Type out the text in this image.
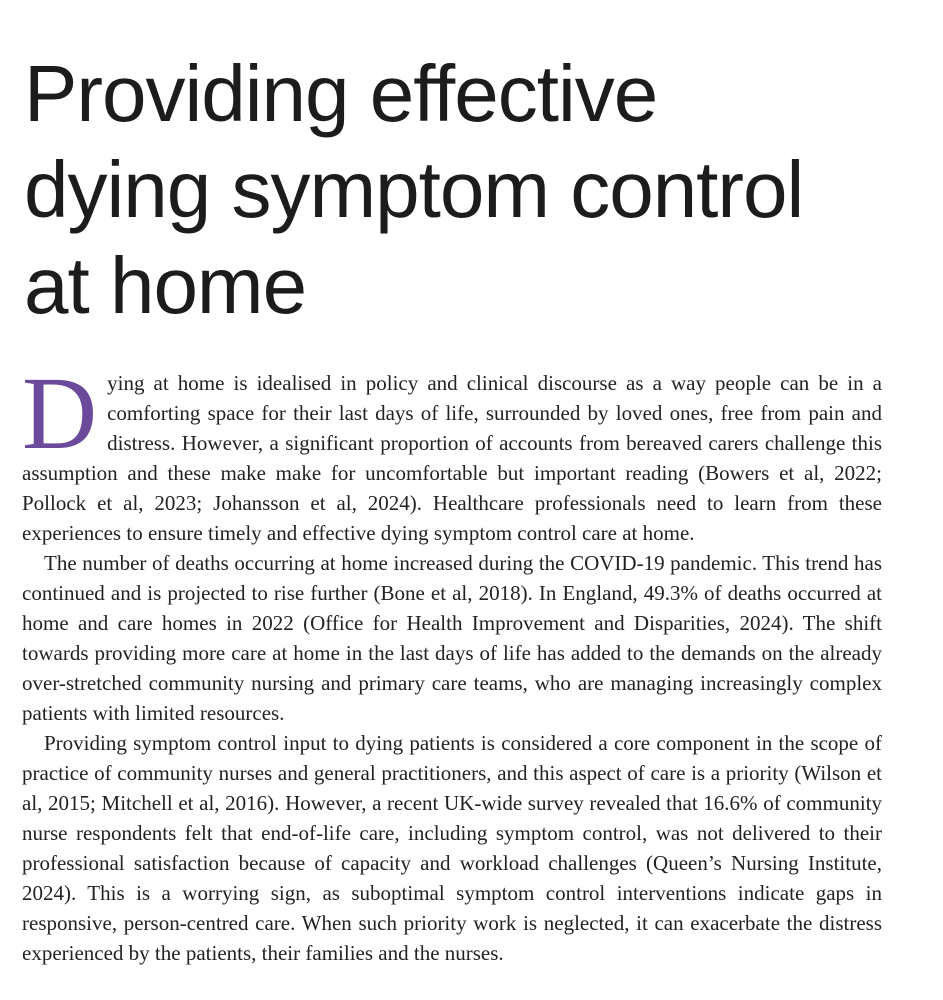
Providing effective
dying symptom control
at home

Dying at home is idealised in policy and clinical discourse as a way people can be in a comforting space for their last days of life, surrounded by loved ones, free from pain and distress. However, a significant proportion of accounts from bereaved carers challenge this assumption and these make make for uncomfortable but important reading (Bowers et al, 2022; Pollock et al, 2023; Johansson et al, 2024). Healthcare professionals need to learn from these experiences to ensure timely and effective dying symptom control care at home.

The number of deaths occurring at home increased during the COVID-19 pandemic. This trend has continued and is projected to rise further (Bone et al, 2018). In England, 49.3% of deaths occurred at home and care homes in 2022 (Office for Health Improvement and Disparities, 2024). The shift towards providing more care at home in the last days of life has added to the demands on the already over-stretched community nursing and primary care teams, who are managing increasingly complex patients with limited resources.

Providing symptom control input to dying patients is considered a core component in the scope of practice of community nurses and general practitioners, and this aspect of care is a priority (Wilson et al, 2015; Mitchell et al, 2016). However, a recent UK-wide survey revealed that 16.6% of community nurse respondents felt that end-of-life care, including symptom control, was not delivered to their professional satisfaction because of capacity and workload challenges (Queen’s Nursing Institute, 2024). This is a worrying sign, as suboptimal symptom control interventions indicate gaps in responsive, person-centred care. When such priority work is neglected, it can exacerbate the distress experienced by the patients, their families and the nurses.
